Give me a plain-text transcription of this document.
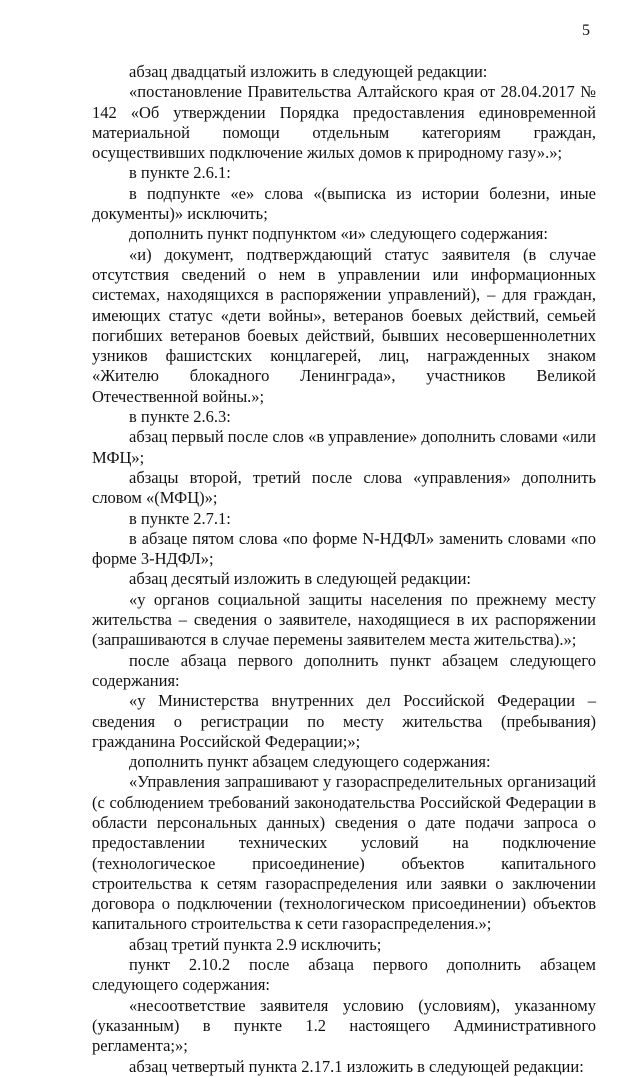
5

абзац двадцатый изложить в следующей редакции:

«постановление Правительства Алтайского края от 28.04.2017 № 142 «Об утверждении Порядка предоставления единовременной материальной помощи отдельным категориям граждан, осуществивших подключение жилых домов к природному газу».»;

в пункте 2.6.1:

в подпункте «е» слова «(выписка из истории болезни, иные документы)» исключить;

дополнить пункт подпунктом «и» следующего содержания:

«и) документ, подтверждающий статус заявителя (в случае отсутствия сведений о нем в управлении или информационных системах, находящихся в распоряжении управлений), – для граждан, имеющих статус «дети войны», ветеранов боевых действий, семьей погибших ветеранов боевых действий, бывших несовершеннолетних узников фашистских концлагерей, лиц, награжденных знаком «Жителю блокадного Ленинграда», участников Великой Отечественной войны.»;

в пункте 2.6.3:

абзац первый после слов «в управление» дополнить словами «или МФЦ»;

абзацы второй, третий после слова «управления» дополнить словом «(МФЦ)»;

в пункте 2.7.1:

в абзаце пятом слова «по форме N-НДФЛ» заменить словами «по форме 3-НДФЛ»;

абзац десятый изложить в следующей редакции:

«у органов социальной защиты населения по прежнему месту жительства – сведения о заявителе, находящиеся в их распоряжении (запрашиваются в случае перемены заявителем места жительства).»;

после абзаца первого дополнить пункт абзацем следующего содержания:

«у Министерства внутренних дел Российской Федерации – сведения о регистрации по месту жительства (пребывания) гражданина Российской Федерации;»;

дополнить пункт абзацем следующего содержания:

«Управления запрашивают у газораспределительных организаций (с соблюдением требований законодательства Российской Федерации в области персональных данных) сведения о дате подачи запроса о предоставлении технических условий на подключение (технологическое присоединение) объектов капитального строительства к сетям газораспределения или заявки о заключении договора о подключении (технологическом присоединении) объектов капитального строительства к сети газораспределения.»;

абзац третий пункта 2.9 исключить;

пункт 2.10.2 после абзаца первого дополнить абзацем следующего содержания:

«несоответствие заявителя условию (условиям), указанному (указанным) в пункте 1.2 настоящего Административного регламента;»;

абзац четвертый пункта 2.17.1 изложить в следующей редакции:
